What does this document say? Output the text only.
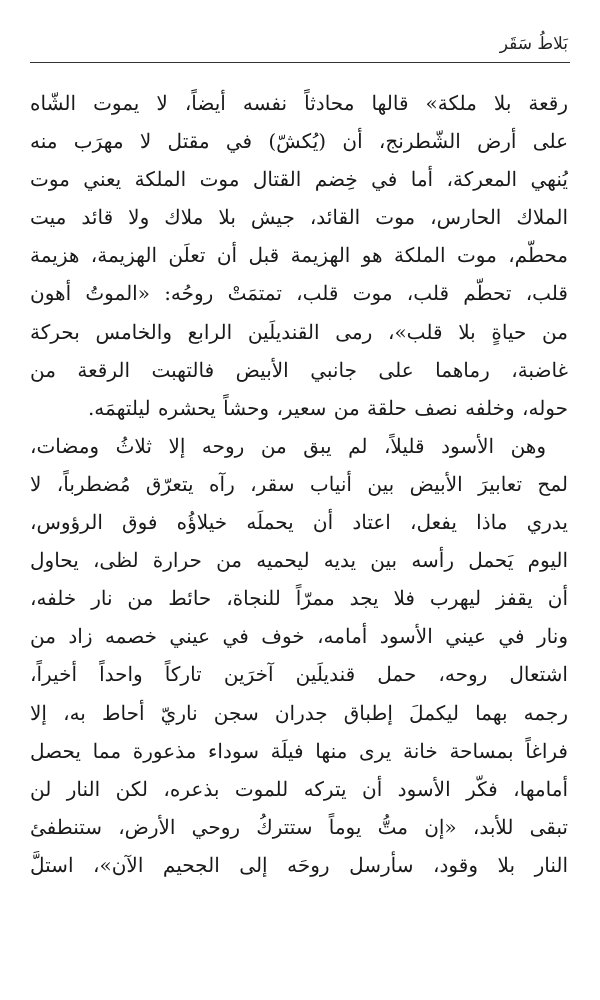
بَلاطُ سَقَر
رقعة بلا ملكة» قالها محادثاً نفسه أيضاً، لا يموت الشّاه
على أرض الشّطرنج، أن (يُكشّ) في مقتل لا مهرَب منه
يُنهي المعركة، أما في خِضم القتال موت الملكة يعني موت
الملاك الحارس، موت القائد، جيش بلا ملاك ولا قائد ميت
محطّم، موت الملكة هو الهزيمة قبل أن تعلَن الهزيمة، هزيمة
قلب، تحطّم قلب، موت قلب، تمتمَتْ روحُه: «الموتُ أهون
من حياةٍ بلا قلب»، رمى القنديلَين الرابع والخامس بحركة
غاضبة، رماهما على جانبي الأبيض فالتهبت الرقعة من
حوله، وخلفه نصف حلقة من سعير، وحشاً يحشره ليلتهمَه.
وهن الأسود قليلاً، لم يبق من روحه إلا ثلاثُ ومضات،
لمح تعابيرَ الأبيض بين أنياب سقر، رآه يتعرّق مُضطرباً، لا
يدري ماذا يفعل، اعتاد أن يحملَه خيلاؤُه فوق الرؤوس،
اليوم يَحمل رأسه بين يديه ليحميه من حرارة لظى، يحاول
أن يقفز ليهرب فلا يجد ممرّاً للنجاة، حائط من نار خلفه،
ونار في عيني الأسود أمامه، خوف في عيني خصمه زاد من
اشتعال روحه، حمل قنديلَين آخرَين تاركاً واحداً أخيراً،
رجمه بهما ليكملَ إطباق جدران سجن ناريّ أحاط به، إلا
فراغاً بمساحة خانة يرى منها فيلَة سوداء مذعورة مما يحصل
أمامها، فكّر الأسود أن يتركه للموت بذعره، لكن النار لن
تبقى للأبد، «إن متُّ يوماً ستتركُ روحي الأرض، ستنطفئ
النار بلا وقود، سأرسل روحَه إلى الجحيم الآن»، استلَّ
